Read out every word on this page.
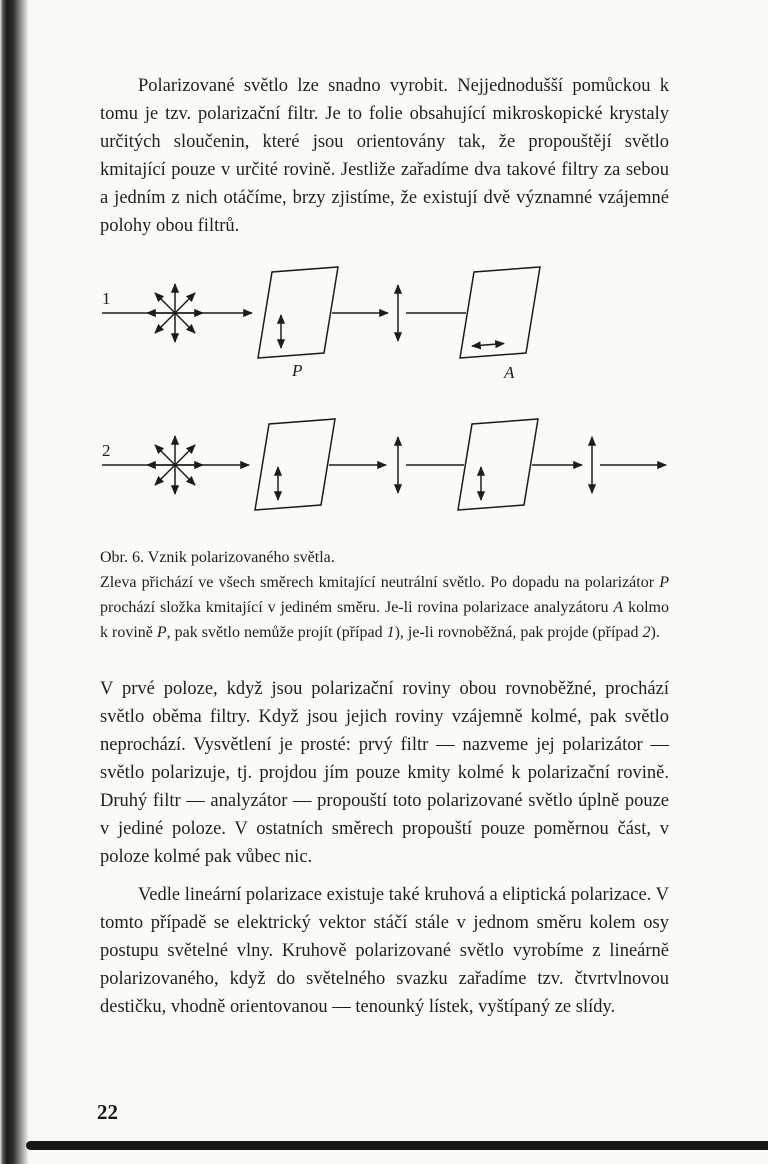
Polarizované světlo lze snadno vyrobit. Nejjednodušší pomůckou k tomu je tzv. polarizační filtr. Je to folie obsahující mikroskopické krystaly určitých sloučenin, které jsou orientovány tak, že propouštějí světlo kmitající pouze v určité rovině. Jestliže zařadíme dva takové filtry za sebou a jedním z nich otáčíme, brzy zjistíme, že existují dvě významné vzájemné polohy obou filtrů.

1
2
P	A
Obr. 6. Vznik polarizovaného světla.
Zleva přichází ve všech směrech kmitající neutrální světlo. Po dopadu na polarizátor P prochází složka kmitající v jediném směru. Je-li rovina polarizace analyzátoru A kolmo k rovině P, pak světlo nemůže projít (případ 1), je-li rovnoběžná, pak projde (případ 2).

V prvé poloze, když jsou polarizační roviny obou rovnoběžné, prochází světlo oběma filtry. Když jsou jejich roviny vzájemně kolmé, pak světlo neprochází. Vysvětlení je prosté: prvý filtr — nazveme jej polarizátor — světlo polarizuje, tj. projdou jím pouze kmity kolmé k polarizační rovině. Druhý filtr — analyzátor — propouští toto polarizované světlo úplně pouze v jediné poloze. V ostatních směrech propouští pouze poměrnou část, v poloze kolmé pak vůbec nic.

Vedle lineární polarizace existuje také kruhová a eliptická polarizace. V tomto případě se elektrický vektor stáčí stále v jednom směru kolem osy postupu světelné vlny. Kruhově polarizované světlo vyrobíme z lineárně polarizovaného, když do světelného svazku zařadíme tzv. čtvrtvlnovou destičku, vhodně orientovanou — tenounký lístek, vyštípaný ze slídy.

22
